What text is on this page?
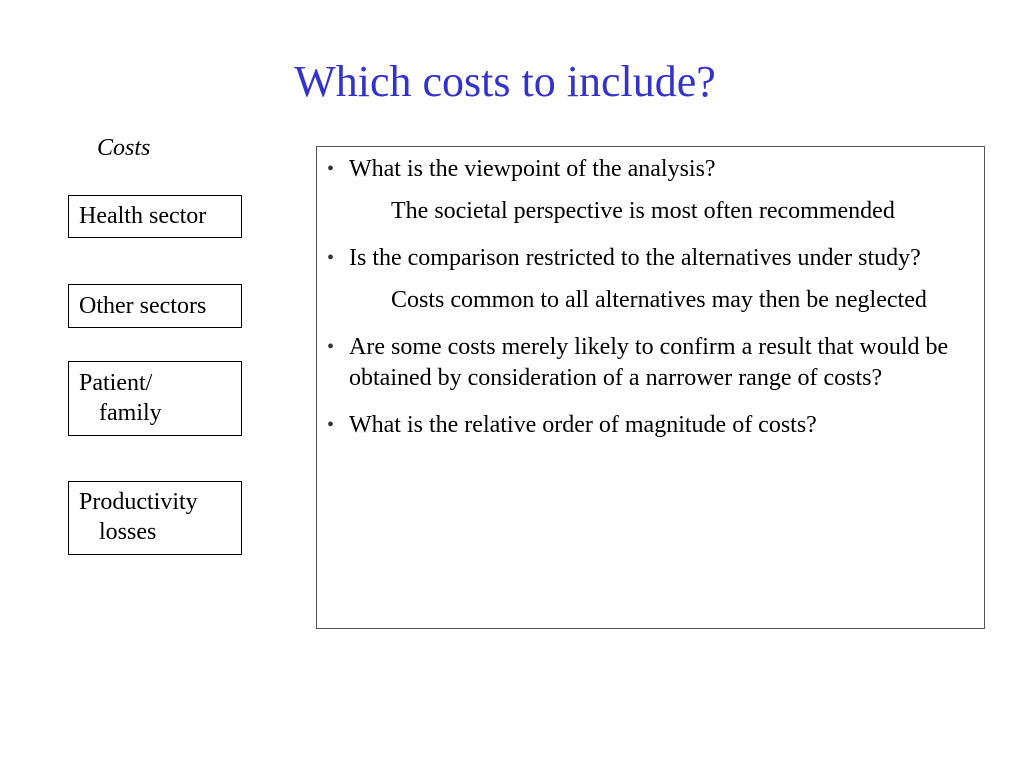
Which costs to include?
Costs
Health sector
Other sectors
Patient/
family
Productivity
losses

• What is the viewpoint of the analysis?

The societal perspective is most often recommended

• Is the comparison restricted to the alternatives under study?

Costs common to all alternatives may then be neglected

• Are some costs merely likely to confirm a result that would be obtained by consideration of a narrower range of costs?

• What is the relative order of magnitude of costs?
